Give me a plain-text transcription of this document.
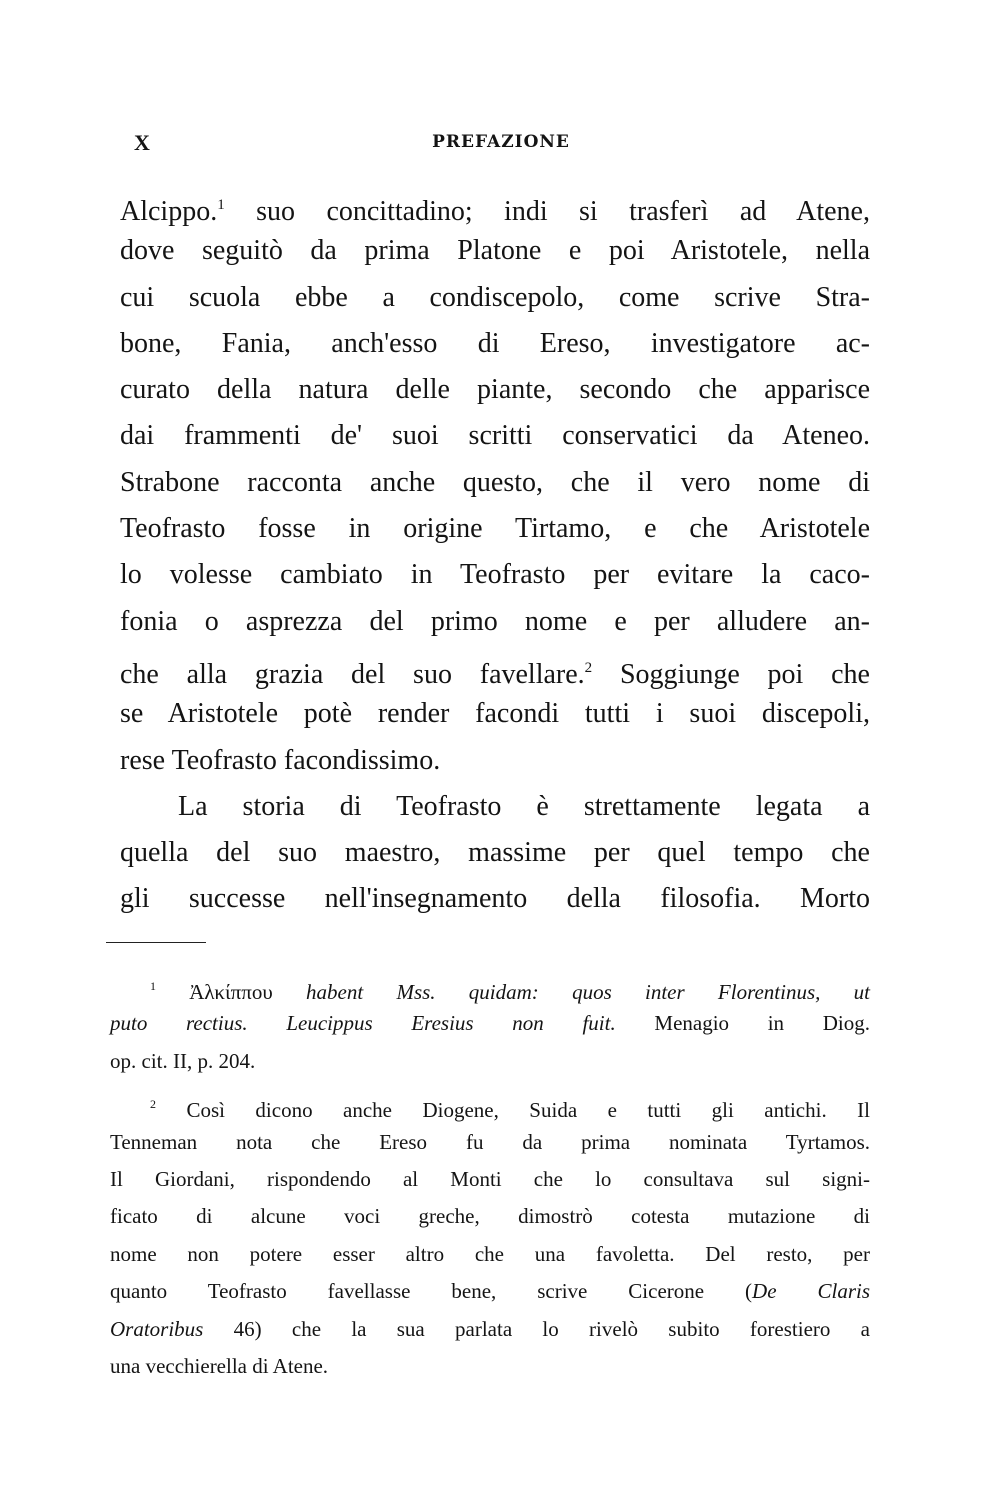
X	PREFAZIONE
Alcippo.$^1$ suo concittadino; indi si trasferì ad Atene,
dove seguitò da prima Platone e poi Aristotele, nella
cui scuola ebbe a condiscepolo, come scrive Stra-
bone, Fania, anch'esso di Ereso, investigatore ac-
curato della natura delle piante, secondo che apparisce
dai frammenti de' suoi scritti conservatici da Ateneo.
Strabone racconta anche questo, che il vero nome di
Teofrasto fosse in origine Tirtamo, e che Aristotele
lo volesse cambiato in Teofrasto per evitare la caco-
fonia o asprezza del primo nome e per alludere an-
che alla grazia del suo favellare.$^2$ Soggiunge poi che
se Aristotele potè render facondi tutti i suoi discepoli,
rese Teofrasto facondissimo.
La storia di Teofrasto è strettamente legata a
quella del suo maestro, massime per quel tempo che
gli successe nell'insegnamento della filosofia. Morto
$^1$ Ἀλκίππου habent Mss. quidam: quos inter Florentinus, ut
puto rectius. Leucippus Eresius non fuit. Menagio in Diog.
op. cit. II, p. 204.
$^2$ Così dicono anche Diogene, Suida e tutti gli antichi. Il
Tenneman nota che Ereso fu da prima nominata Tyrtamos.
Il Giordani, rispondendo al Monti che lo consultava sul signi-
ficato di alcune voci greche, dimostrò cotesta mutazione di
nome non potere esser altro che una favoletta. Del resto, per
quanto Teofrasto favellasse bene, scrive Cicerone (De Claris
Oratoribus 46) che la sua parlata lo rivelò subito forestiero a
una vecchierella di Atene.
